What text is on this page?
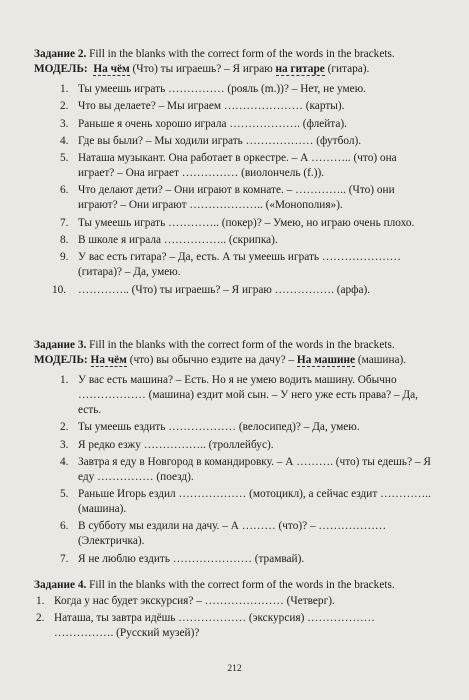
Задание 2. Fill in the blanks with the correct form of the words in the brackets.
МОДЕЛЬ: На чём (Что) ты играешь? – Я играю на гитаре (гитара).
1. Ты умеешь играть …………… (рояль (m.))? – Нет, не умею.
2. Что вы делаете? – Мы играем ………………… (карты).
3. Раньше я очень хорошо играла ………………. (флейта).
4. Где вы были? – Мы ходили играть ……………… (футбол).
5. Наташа музыкант. Она работает в оркестре. – А ……….. (что) она играет? – Она играет …………… (виолончель (f.)).
6. Что делают дети? – Они играют в комнате. – ………….. (Что) они играют? – Они играют ……………….. («Монополия»).
7. Ты умеешь играть ………….. (покер)? – Умею, но играю очень плохо.
8. В школе я играла …………….. (скрипка).
9. У вас есть гитара? – Да, есть. А ты умеешь играть ………………… (гитара)? – Да, умею.
10. ………….. (Что) ты играешь? – Я играю ……………. (арфа).
Задание 3. Fill in the blanks with the correct form of the words in the brackets.
МОДЕЛЬ: На чём (что) вы обычно ездите на дачу? – На машине (машина).
1. У вас есть машина? – Есть. Но я не умею водить машину. Обычно ……………… (машина) ездит мой сын. – У него уже есть права? – Да, есть.
2. Ты умеешь ездить ……………… (велосипед)? – Да, умею.
3. Я редко езжу …………….. (троллейбус).
4. Завтра я еду в Новгород в командировку. – А ………. (что) ты едешь? – Я еду …………… (поезд).
5. Раньше Игорь ездил ……………… (мотоцикл), а сейчас ездит ………….. (машина).
6. В субботу мы ездили на дачу. – А ……… (что)? – ……………… (Электричка).
7. Я не люблю ездить ………………… (трамвай).
Задание 4. Fill in the blanks with the correct form of the words in the brackets.
1. Когда у нас будет экскурсия? – ………………… (Четверг).
2. Наташа, ты завтра идёшь ……………… (экскурсия) ……………… ……………. (Русский музей)?
212
